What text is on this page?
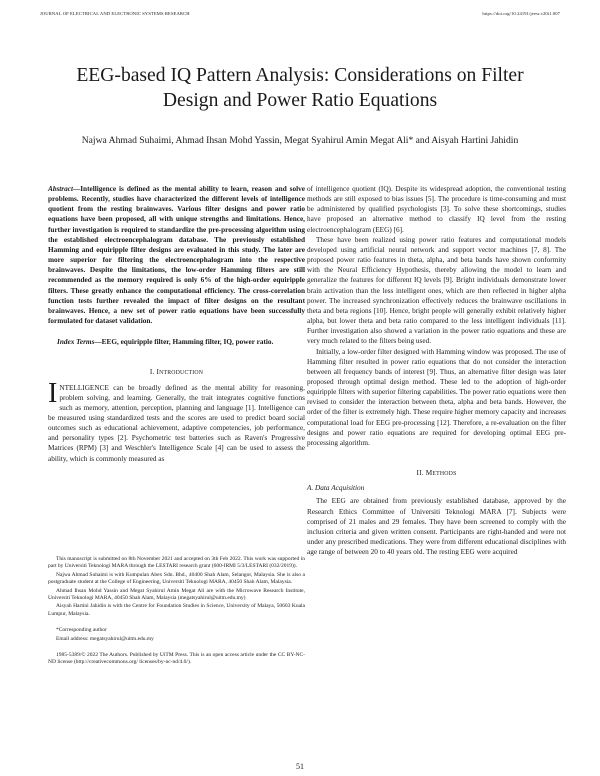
JOURNAL OF ELECTRICAL AND ELECTRONIC SYSTEMS RESEARCH	https://doi.org/10.24191/jeesr.v20i1.007
EEG-based IQ Pattern Analysis: Considerations on Filter Design and Power Ratio Equations
Najwa Ahmad Suhaimi, Ahmad Ihsan Mohd Yassin, Megat Syahirul Amin Megat Ali* and Aisyah Hartini Jahidin

Abstract—Intelligence is defined as the mental ability to learn, reason and solve problems. Recently, studies have characterized the different levels of intelligence quotient from the resting brainwaves. Various filter designs and power ratio equations have been proposed, all with unique strengths and limitations. Hence, further investigation is required to standardize the pre-processing algorithm using the established electroencephalogram database. The previously established Hamming and equiripple filter designs are evaluated in this study. The later are more superior for filtering the electroencephalogram into the respective brainwaves. Despite the limitations, the low-order Hamming filters are still recommended as the memory required is only 6% of the high-order equiripple filters. These greatly enhance the computational efficiency. The cross-correlation function tests further revealed the impact of filter designs on the resultant brainwaves. Hence, a new set of power ratio equations have been successfully formulated for dataset validation.

Index Terms—EEG, equiripple filter, Hamming filter, IQ, power ratio.

I. INTRODUCTION

INTELLIGENCE can be broadly defined as the mental ability for reasoning, problem solving, and learning. Generally, the trait integrates cognitive functions such as memory, attention, perception, planning and language [1]. Intelligence can be measured using standardized tests and the scores are used to predict board social outcomes such as educational achievement, adaptive competencies, job performance, and personality types [2]. Psychometric test batteries such as Raven's Progressive Matrices (RPM) [3] and Weschler's Intelligence Scale [4] can be used to assess the ability, which is commonly measured as

This manuscript is submitted on 8th November 2021 and accepted on 3th Feb 2022. This work was supported in part by Universiti Teknologi MARA through the LESTARI research grant (600-IRMI 5/3/LESTARI (032/2019)).

Najwa Ahmad Suhaimi is with Kumpulan Abex Sdn. Bhd., 40400 Shah Alam, Selangor, Malaysia. She is also a postgraduate student at the College of Engineering, Universiti Teknologi MARA, 40450 Shah Alam, Malaysia.

Ahmad Ihsan Mohd Yassin and Megat Syahirul Amin Megat Ali are with the Microwave Research Institute, Universiti Teknologi MARA, 40450 Shah Alam, Malaysia (megatsyahirul@uitm.edu.my)

Aisyah Hartini Jahidin is with the Centre for Foundation Studies in Science, University of Malaya, 50603 Kuala Lumpur, Malaysia.

*Corresponding author

Email address: megatsyahirul@uitm.edu.my

1985-5389/© 2022 The Authors. Published by UiTM Press. This is an open access article under the CC BY-NC-ND license (http://creativecommons.org/ licenses/by-nc-nd/4.0/).

of intelligence quotient (IQ). Despite its widespread adoption, the conventional testing methods are still exposed to bias issues [5]. The procedure is time-consuming and must be administered by qualified psychologists [3]. To solve these shortcomings, studies have proposed an alternative method to classify IQ level from the resting electroencephalogram (EEG) [6].

These have been realized using power ratio features and computational models developed using artificial neural network and support vector machines [7, 8]. The proposed power ratio features in theta, alpha, and beta bands have shown conformity with the Neural Efficiency Hypothesis, thereby allowing the model to learn and generalize the features for different IQ levels [9]. Bright individuals demonstrate lower brain activation than the less intelligent ones, which are then reflected in higher alpha power. The increased synchronization effectively reduces the brainwave oscillations in theta and beta regions [10]. Hence, bright people will generally exhibit relatively higher alpha, but lower theta and beta ratio compared to the less intelligent individuals [11]. Further investigation also showed a variation in the power ratio equations and these are very much related to the filters being used.

Initially, a low-order filter designed with Hamming window was proposed. The use of Hamming filter resulted in power ratio equations that do not consider the interaction between all frequency bands of interest [9]. Thus, an alternative filter design was later proposed through optimal design method. These led to the adoption of high-order equiripple filters with superior filtering capabilities. The power ratio equations were then revised to consider the interaction between theta, alpha and beta bands. However, the order of the filter is extremely high. These require higher memory capacity and increases computational load for EEG pre-processing [12]. Therefore, a re-evaluation on the filter designs and power ratio equations are required for developing optimal EEG pre-processing algorithm.

II. METHODS
A. Data Acquisition

The EEG are obtained from previously established database, approved by the Research Ethics Committee of Universiti Teknologi MARA [7]. Subjects were comprised of 21 males and 29 females. They have been screened to comply with the inclusion criteria and given written consent. Participants are right-handed and were not under any prescribed medications. They were from different educational disciplines with age range of between 20 to 40 years old. The resting EEG were acquired

51
